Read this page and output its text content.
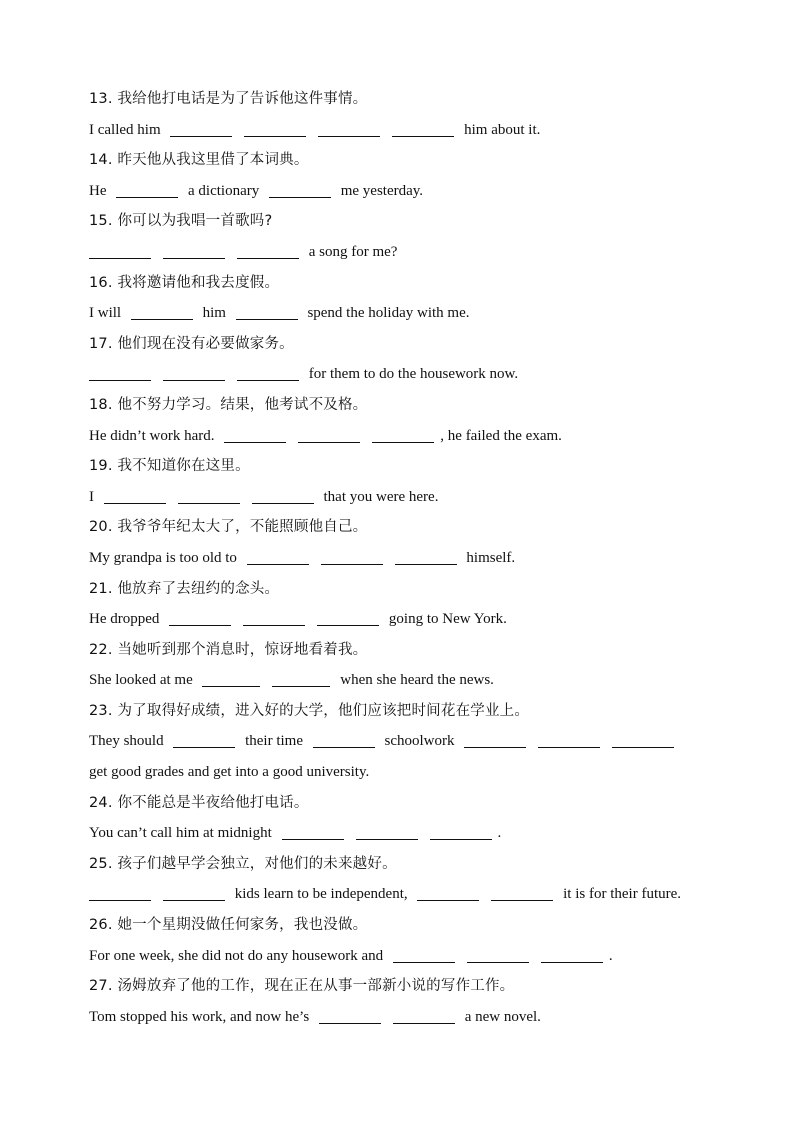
13. 我给他打电话是为了告诉他这件事情。
I called him	him about it.
14. 昨天他从我这里借了本词典。
He	a dictionary	me yesterday.
15. 你可以为我唱一首歌吗?
a song for me?
16. 我将邀请他和我去度假。
I will	him	spend the holiday with me.
17. 他们现在没有必要做家务。
for them to do the housework now.
18. 他不努力学习。结果，他考试不及格。
He didn’t work hard.	, he failed the exam.
19. 我不知道你在这里。
I	that you were here.
20. 我爷爷年纪太大了，不能照顾他自己。
My grandpa is too old to	himself.
21. 他放弃了去纽约的念头。
He dropped	going to New York.
22. 当她听到那个消息时，惊讶地看着我。
She looked at me	when she heard the news.
23. 为了取得好成绩，进入好的大学，他们应该把时间花在学业上。
They should	their time	schoolwork
get good grades and get into a good university.
24. 你不能总是半夜给他打电话。
You can’t call him at midnight	.
25. 孩子们越早学会独立，对他们的未来越好。
kids learn to be independent,	it is for their future.
26. 她一个星期没做任何家务，我也没做。
For one week, she did not do any housework and	.
27. 汤姆放弃了他的工作，现在正在从事一部新小说的写作工作。
Tom stopped his work, and now he’s	a new novel.
